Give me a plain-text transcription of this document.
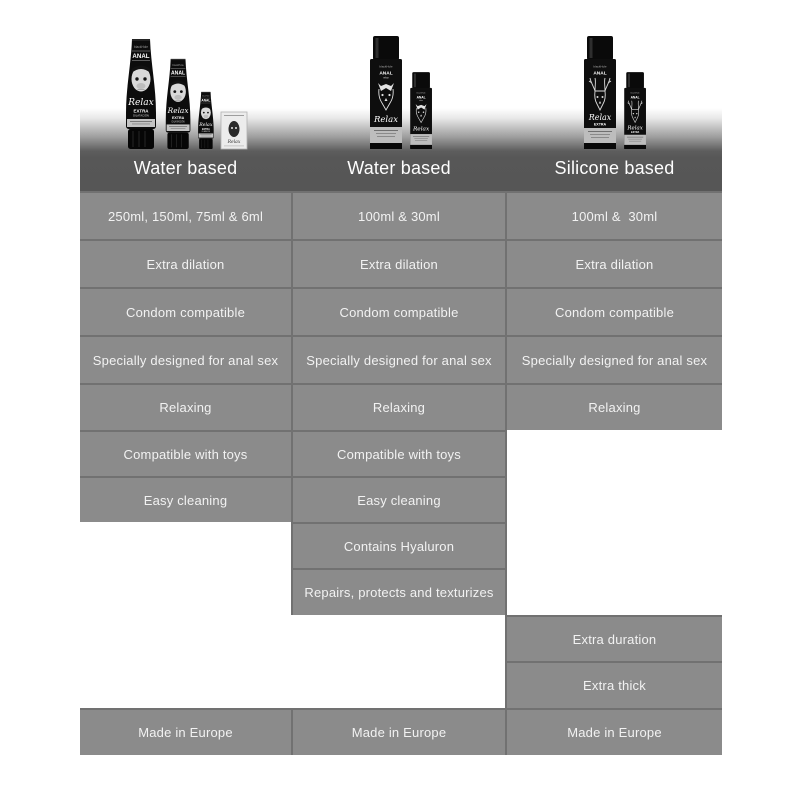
Water based	Water based	Silicone based
blackHole
ANAL
Relax
EXTRA
DILATACIÓN
Relax
blackHole
ANAL
relax
Relax
blackHole
ANAL
Relax
EXTRA
250ml, 150ml, 75ml & 6ml
Extra dilation
Condom compatible
Specially designed for anal sex
Relaxing
Compatible with toys
Easy cleaning
Made in Europe
100ml & 30ml
Extra dilation
Condom compatible
Specially designed for anal sex
Relaxing
Compatible with toys
Easy cleaning
Contains Hyaluron
Repairs, protects and texturizes
Made in Europe
100ml &  30ml
Extra dilation
Condom compatible
Specially designed for anal sex
Relaxing
Extra duration
Extra thick
Made in Europe
